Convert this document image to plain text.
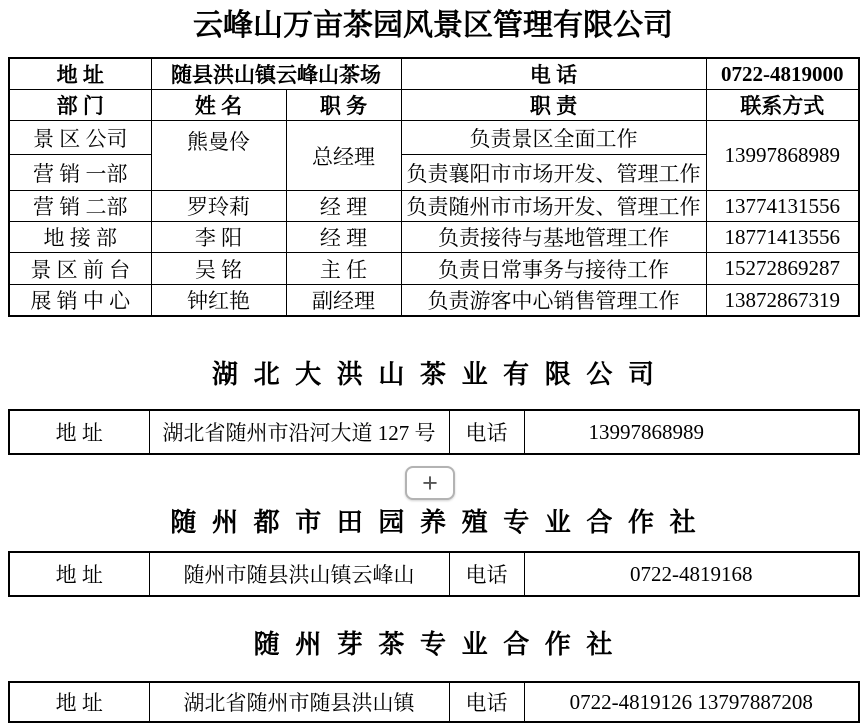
云峰山万亩茶园风景区管理有限公司
地 址	随县洪山镇云峰山茶场		电 话	0722-4819000
部 门	姓 名	职 务	职 责	联系方式
景 区 公司	熊曼伶	总经理	负责景区全面工作	13997868989
营 销 一部			负责襄阳市市场开发、管理工作	
营 销 二部	罗玲莉	经 理	负责随州市市场开发、管理工作	13774131556
地 接 部	李 阳	经 理	负责接待与基地管理工作	18771413556
景 区 前 台	吴 铭	主 任	负责日常事务与接待工作	15272869287
展 销 中 心	钟红艳	副经理	负责游客中心销售管理工作	13872867319
湖北大洪山茶业有限公司
地 址	湖北省随州市沿河大道 127 号	电话	13997868989
+
随州都市田园养殖专业合作社
地 址	随州市随县洪山镇云峰山	电话	0722-4819168
随州芽茶专业合作社
地 址	湖北省随州市随县洪山镇	电话	0722-4819126 13797887208
